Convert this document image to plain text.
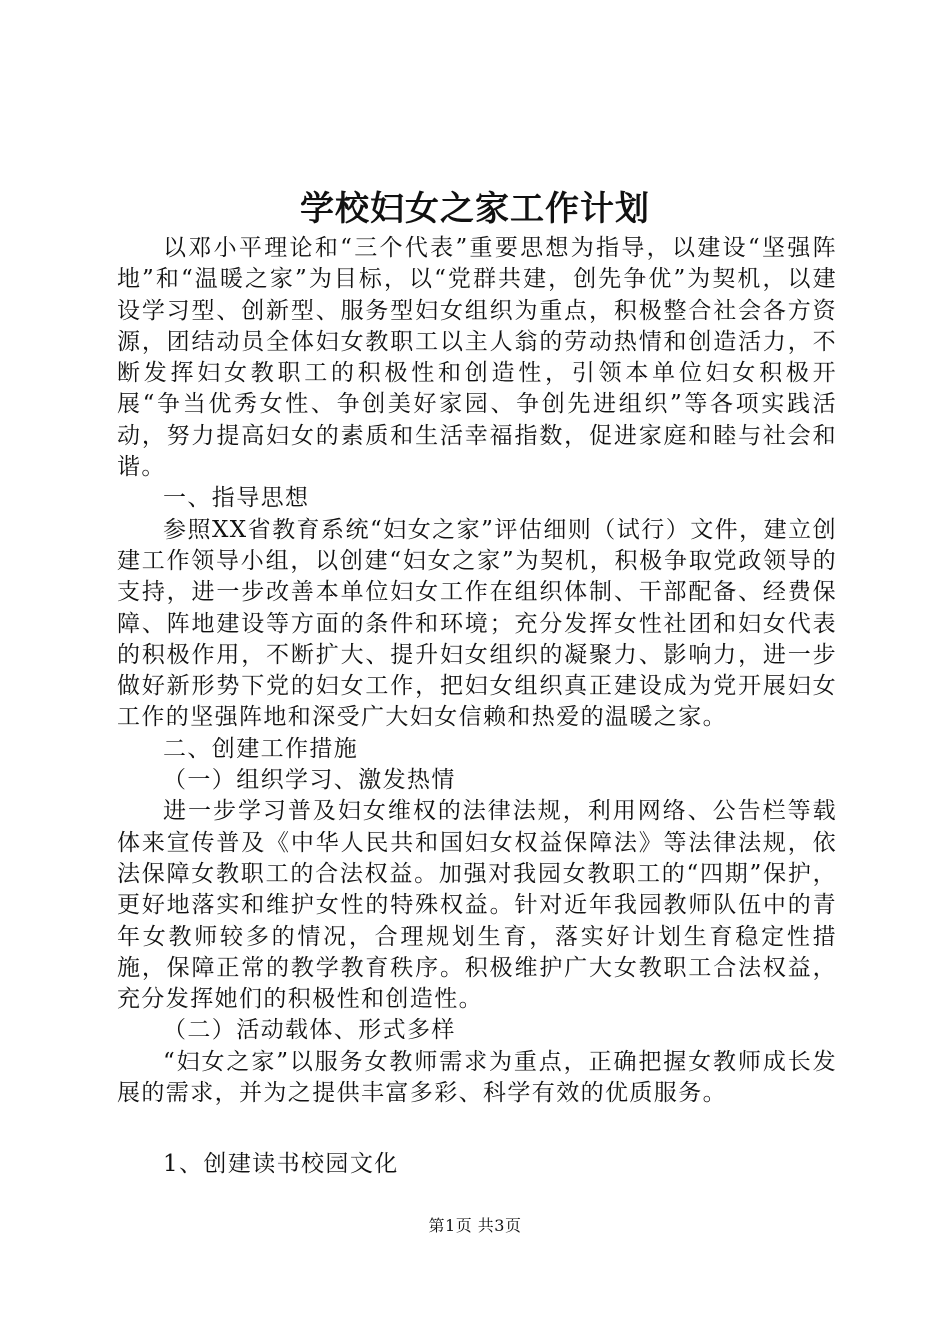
学校妇女之家工作计划

以邓小平理论和“三个代表”重要思想为指导，以建设“坚强阵地”和“温暖之家”为目标，以“党群共建，创先争优”为契机，以建设学习型、创新型、服务型妇女组织为重点，积极整合社会各方资源，团结动员全体妇女教职工以主人翁的劳动热情和创造活力，不断发挥妇女教职工的积极性和创造性，引领本单位妇女积极开展“争当优秀女性、争创美好家园、争创先进组织”等各项实践活动，努力提高妇女的素质和生活幸福指数，促进家庭和睦与社会和谐。

一、指导思想

参照XX省教育系统“妇女之家”评估细则（试行）文件，建立创建工作领导小组，以创建“妇女之家”为契机，积极争取党政领导的支持，进一步改善本单位妇女工作在组织体制、干部配备、经费保障、阵地建设等方面的条件和环境；充分发挥女性社团和妇女代表的积极作用，不断扩大、提升妇女组织的凝聚力、影响力，进一步做好新形势下党的妇女工作，把妇女组织真正建设成为党开展妇女工作的坚强阵地和深受广大妇女信赖和热爱的温暖之家。

二、创建工作措施

（一）组织学习、激发热情

进一步学习普及妇女维权的法律法规，利用网络、公告栏等载体来宣传普及《中华人民共和国妇女权益保障法》等法律法规，依法保障女教职工的合法权益。加强对我园女教职工的“四期”保护，更好地落实和维护女性的特殊权益。针对近年我园教师队伍中的青年女教师较多的情况，合理规划生育，落实好计划生育稳定性措施，保障正常的教学教育秩序。积极维护广大女教职工合法权益，充分发挥她们的积极性和创造性。

（二）活动载体、形式多样

“妇女之家”以服务女教师需求为重点，正确把握女教师成长发展的需求，并为之提供丰富多彩、科学有效的优质服务。

1、创建读书校园文化

第1页 共3页
